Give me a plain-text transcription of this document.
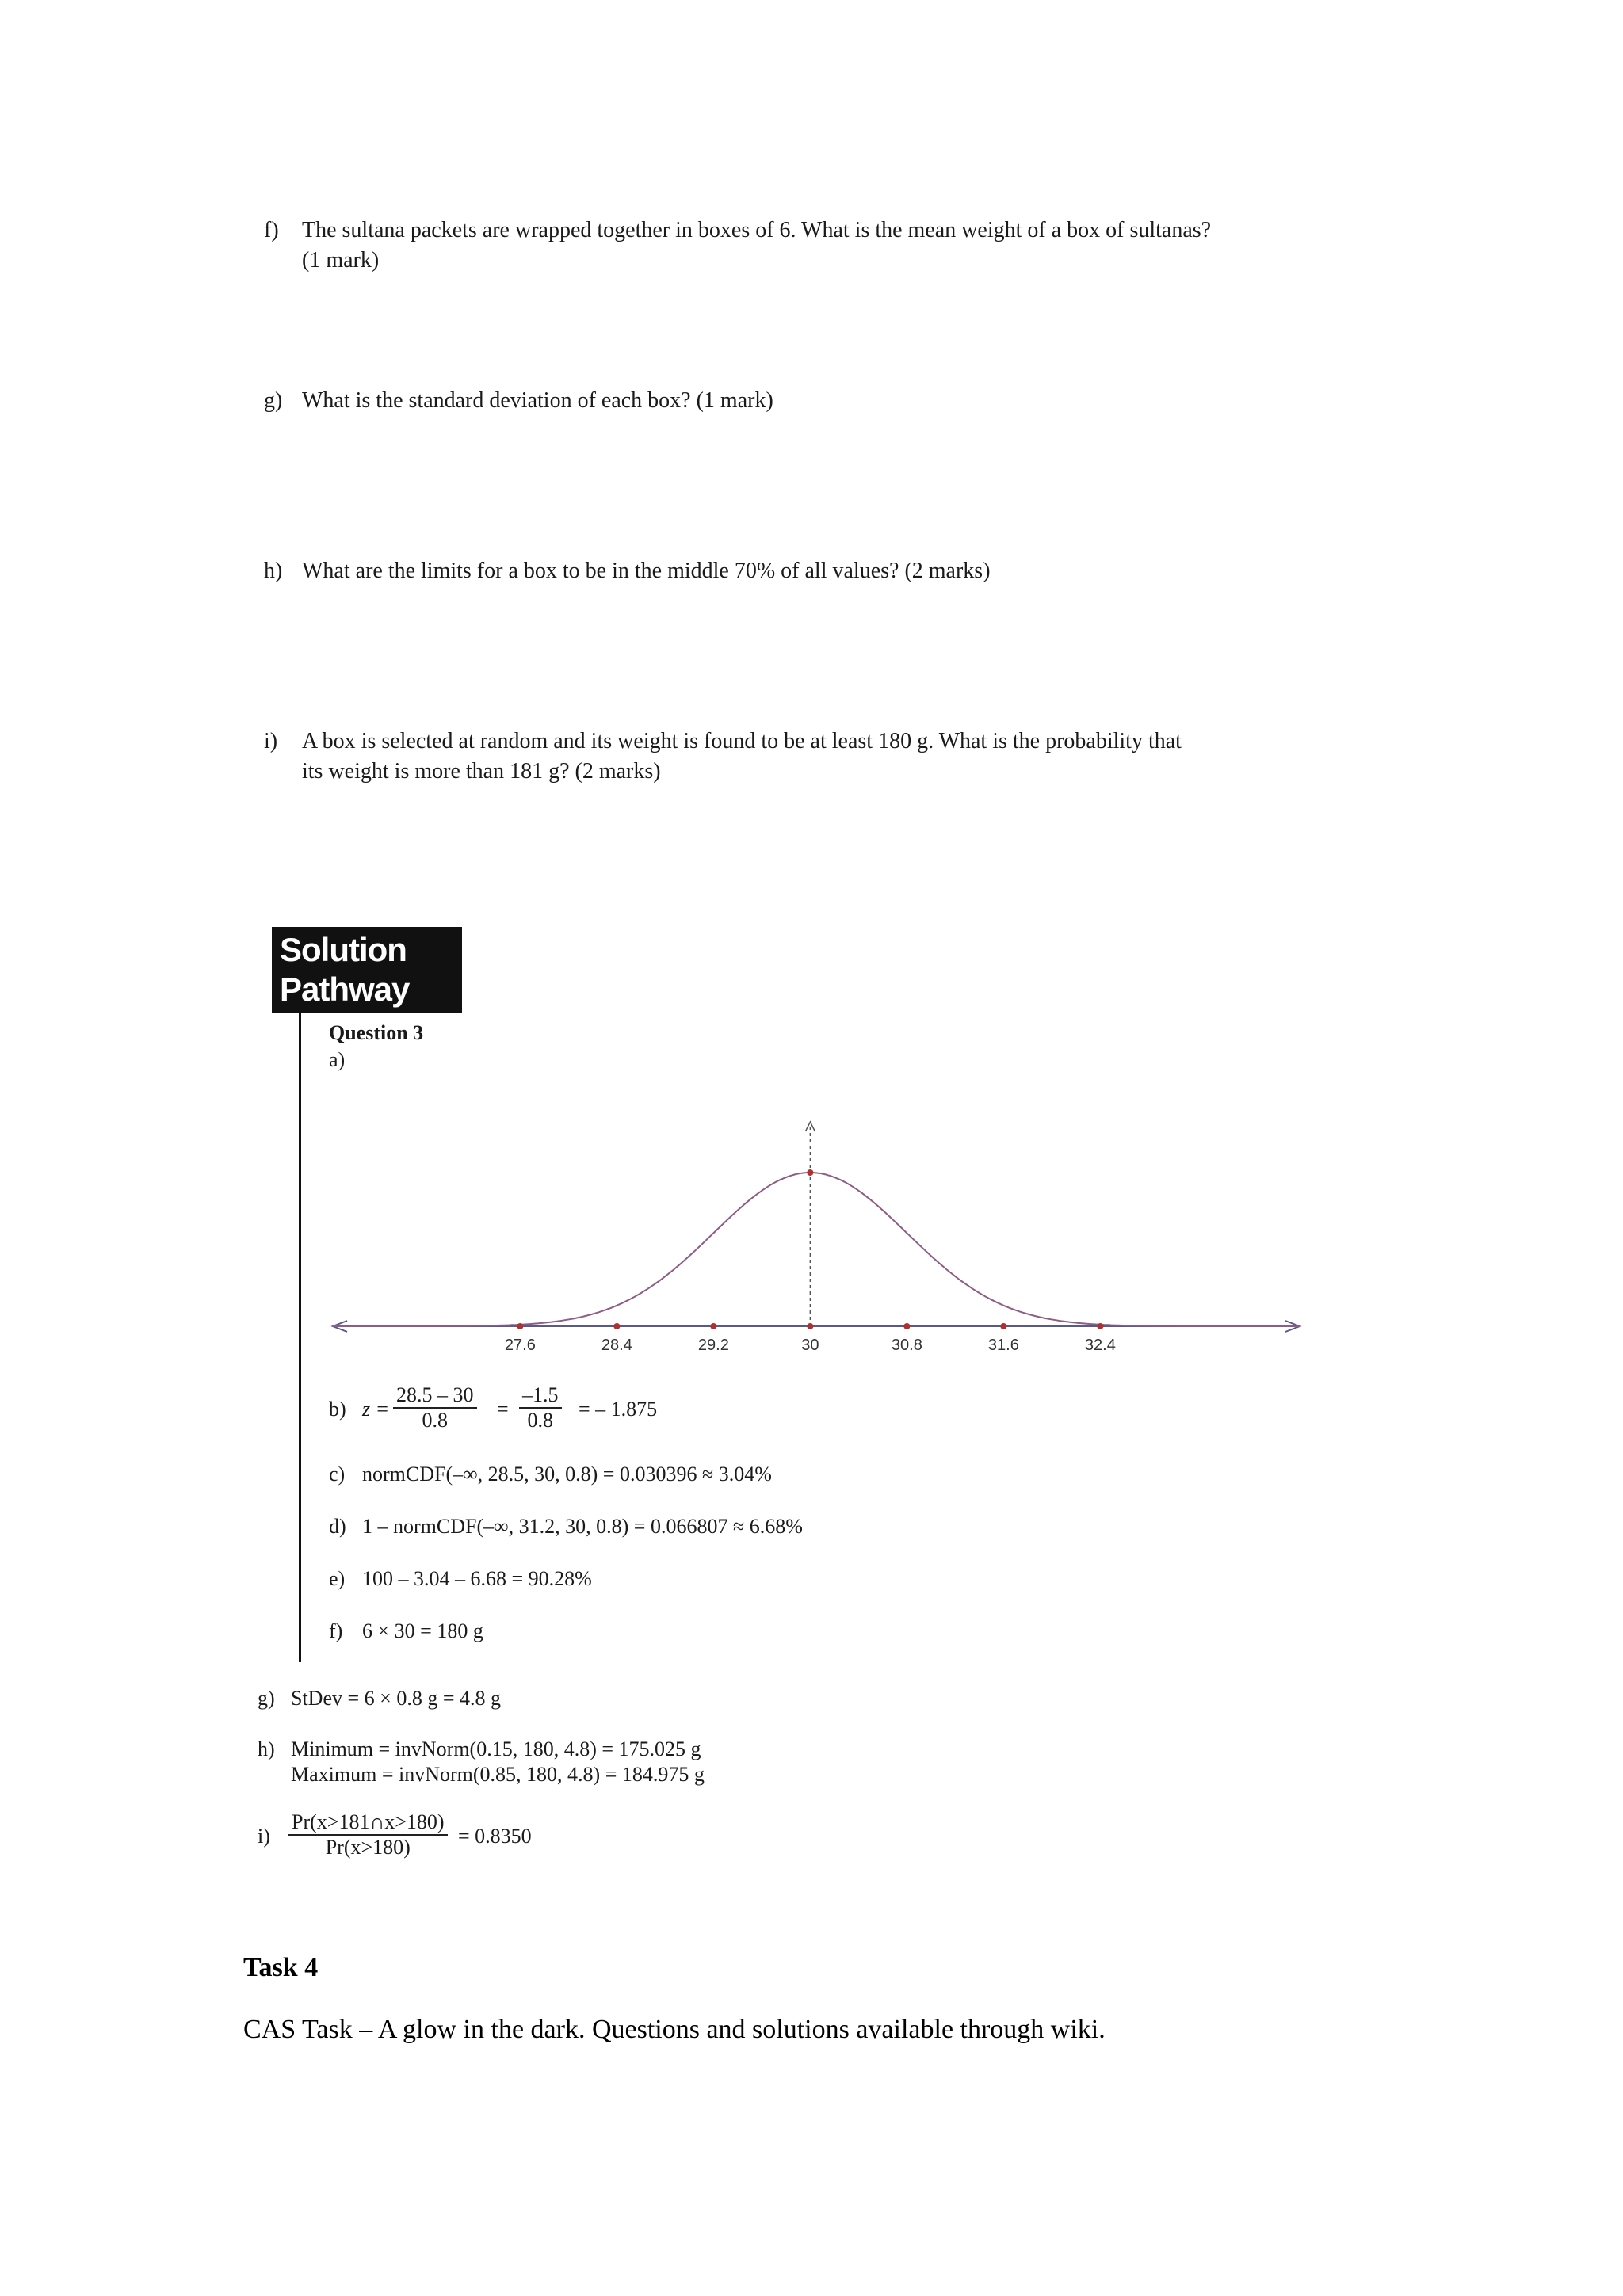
f)	The sultana packets are wrapped together in boxes of 6. What is the mean weight of a box of sultanas?
(1 mark)
g) What is the standard deviation of each box? (1 mark)
h) What are the limits for a box to be in the middle 70% of all values? (2 marks)
i)	A box is selected at random and its weight is found to be at least 180 g. What is the probability that
its weight is more than 181 g? (2 marks)
Solution
Pathway
Question 3
a)
27.6	28.4	29.2	30	30.8	31.6	32.4
b) $z = \frac{28.5 - 30}{0.8} = \frac{-1.5}{0.8}$ = – 1.875
c) normCDF(–∞, 28.5, 30, 0.8) = 0.030396 ≈ 3.04%
d) 1 – normCDF(–∞, 31.2, 30, 0.8) = 0.066807 ≈ 6.68%
e) 100 – 3.04 – 6.68 = 90.28%
f) 6 × 30 = 180 g
g) StDev = 6 × 0.8 g = 4.8 g
h) Minimum = invNorm(0.15, 180, 4.8) = 175.025 g
Maximum = invNorm(0.85, 180, 4.8) = 184.975 g
$i) \frac{Pr(x>181\cap x>180)}{Pr(x>180)} = 0.8350$
Task 4
CAS Task – A glow in the dark. Questions and solutions available through wiki.
